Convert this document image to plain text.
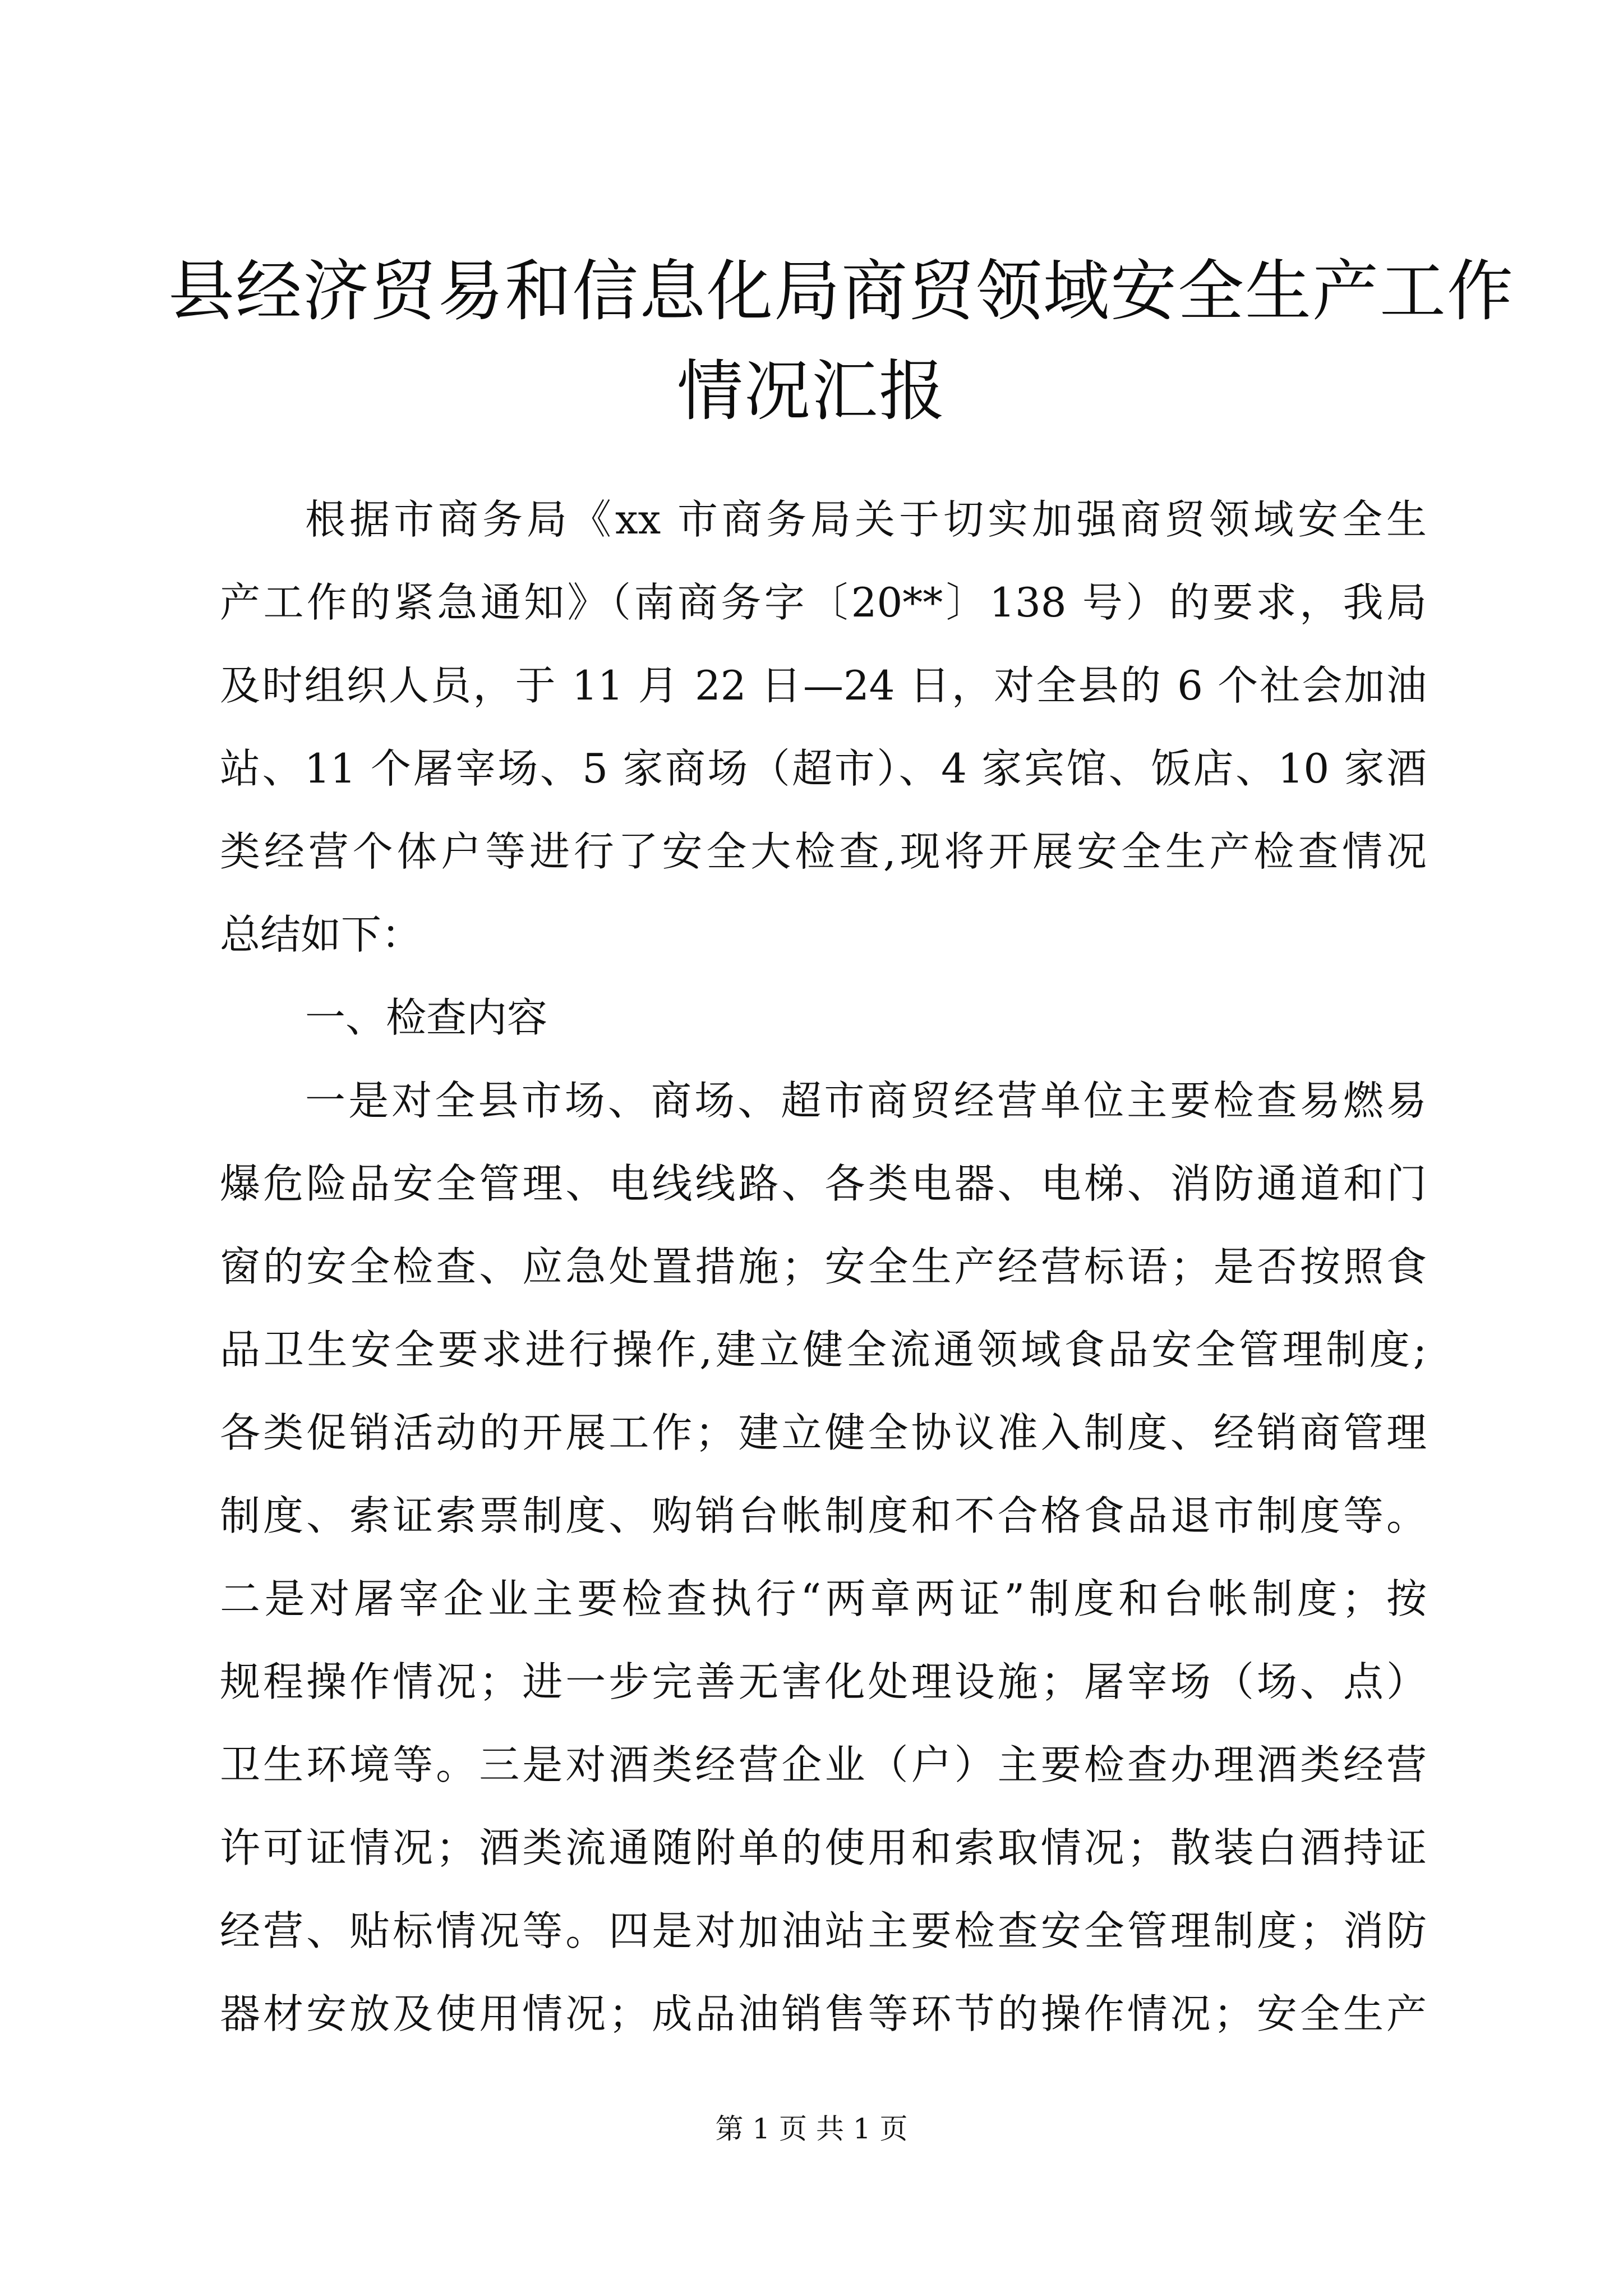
县经济贸易和信息化局商贸领域安全生产工作
情况汇报
根据市商务局《xx 市商务局关于切实加强商贸领域安全生
产工作的紧急通知》（南商务字〔20**〕138 号）的要求，我局
及时组织人员，于 11 月 22 日—24 日，对全县的 6 个社会加油
站、11 个屠宰场、5 家商场（超市）、4 家宾馆、饭店、10 家酒
类经营个体户等进行了安全大检查,现将开展安全生产检查情况
总结如下：
一、检查内容
一是对全县市场、商场、超市商贸经营单位主要检查易燃易
爆危险品安全管理、电线线路、各类电器、电梯、消防通道和门
窗的安全检查、应急处置措施；安全生产经营标语；是否按照食
品卫生安全要求进行操作,建立健全流通领域食品安全管理制度;
各类促销活动的开展工作；建立健全协议准入制度、经销商管理
制度、索证索票制度、购销台帐制度和不合格食品退市制度等。
二是对屠宰企业主要检查执行“两章两证”制度和台帐制度；按
规程操作情况；进一步完善无害化处理设施；屠宰场（场、点）
卫生环境等。三是对酒类经营企业（户）主要检查办理酒类经营
许可证情况；酒类流通随附单的使用和索取情况；散装白酒持证
经营、贴标情况等。四是对加油站主要检查安全管理制度；消防
器材安放及使用情况；成品油销售等环节的操作情况；安全生产
第 1 页 共 1 页
